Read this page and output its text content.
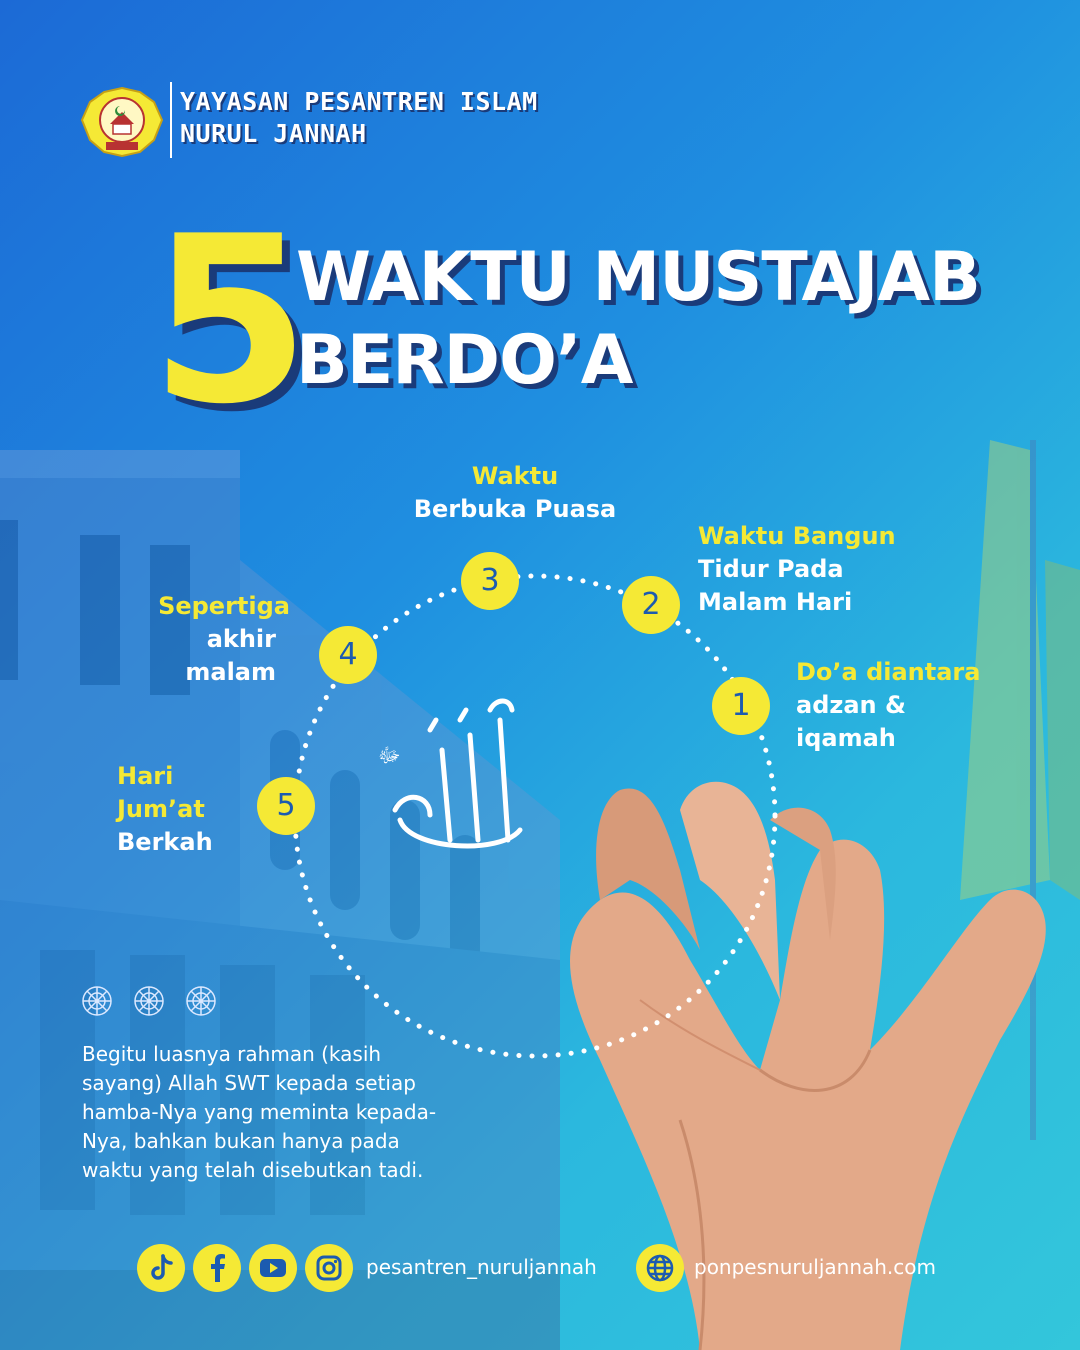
ﷻ
YAYASAN PESANTREN ISLAM
NURUL JANNAH
5
WAKTU MUSTAJAB
BERDO’A
1
2
3
4
5
Do’a diantara
adzan &
iqamah
Waktu Bangun
Tidur Pada
Malam Hari
Waktu
Berbuka Puasa
Sepertiga
akhir
malam
Hari
Jum’at
Berkah
Begitu luasnya rahman (kasih sayang) Allah SWT kepada setiap hamba-Nya yang meminta kepada-Nya, bahkan bukan hanya pada waktu yang telah disebutkan tadi.
pesantren_nuruljannah	ponpesnuruljannah.com
